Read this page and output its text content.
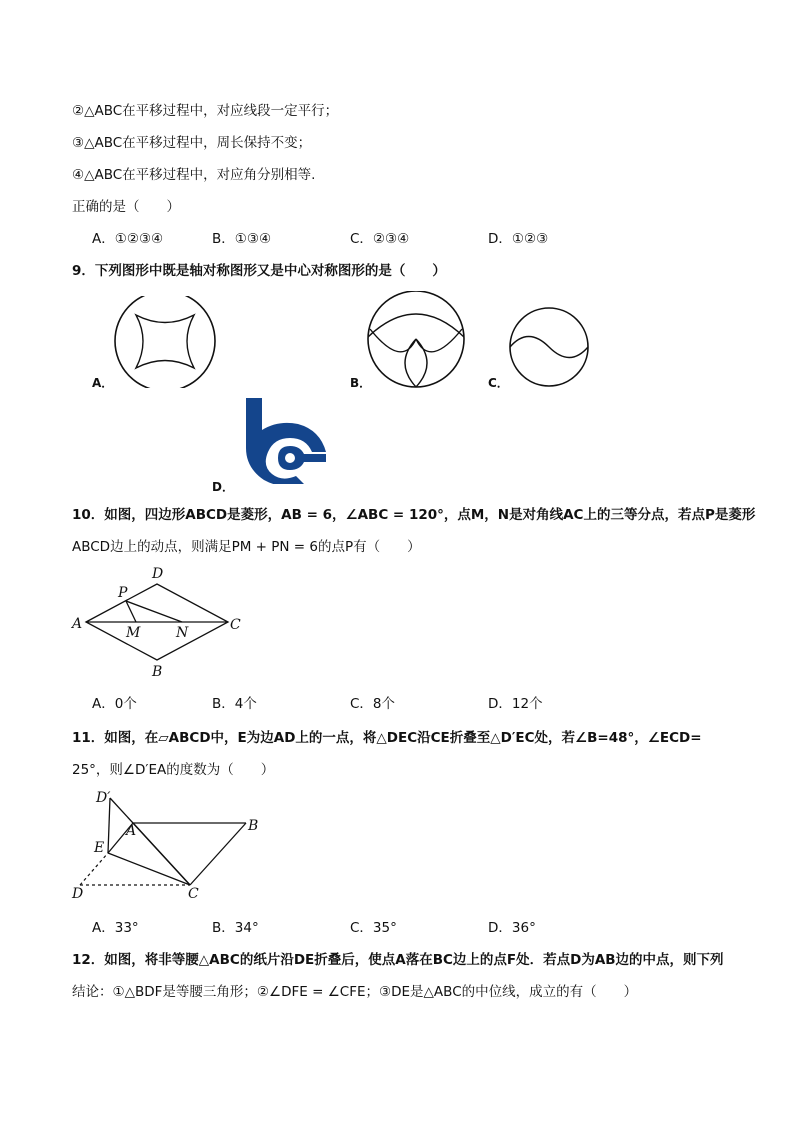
②△ABC在平移过程中，对应线段一定平行；
③△ABC在平移过程中，周长保持不变；
④△ABC在平移过程中，对应角分别相等.
正确的是（　　）
A．①②③④	B．①③④	C．②③④	D．①②③
9．下列图形中既是轴对称图形又是中心对称图形的是（　　）
A．	B．	C．
D．
10．如图，四边形ABCD是菱形，AB = 6，∠ABC = 120°，点M，N是对角线AC上的三等分点，若点P是菱形
ABCD边上的动点，则满足PM + PN = 6的点P有（　　）
D
P
A
M	N	C
B
A．0个	B．4个	C．8个	D．12个
11．如图，在▱ABCD中，E为边AD上的一点，将△DEC沿CE折叠至△D′EC处，若∠B=48°，∠ECD=
25°，则∠D′EA的度数为（　　）
D′
A	B
E
D	C
A．33°	B．34°	C．35°	D．36°
12．如图，将非等腰△ABC的纸片沿DE折叠后，使点A落在BC边上的点F处．若点D为AB边的中点，则下列
结论：①△BDF是等腰三角形；②∠DFE = ∠CFE；③DE是△ABC的中位线，成立的有（　　）
